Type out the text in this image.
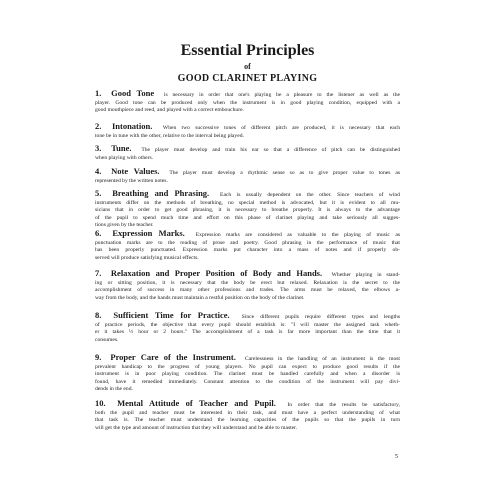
Essential Principles
of
GOOD CLARINET PLAYING
1. Good Tone is necessary in order that one's playing be a pleasure to the listener as well as the
player. Good tone can be produced only when the instrument is in good playing condition, equipped with a
good mouthpiece and reed, and played with a correct embouchure.
2. Intonation. When two successive tones of different pitch are produced, it is necessary that each
tone be in tune with the other, relative to the interval being played.
3. Tune. The player must develop and train his ear so that a difference of pitch can be distinguished
when playing with others.
4. Note Values. The player must develop a rhythmic sense so as to give proper value to tones as
represented by the written notes.
5. Breathing and Phrasing. Each is usually dependent on the other. Since teachers of wind
instruments differ on the methods of breathing, no special method is advocated, but it is evident to all mu-
sicians that in order to get good phrasing, it is necessary to breathe properly. It is always to the advantage
of the pupil to spend much time and effort on this phase of clarinet playing and take seriously all sugges-
tions given by the teacher.
6. Expression Marks. Expression marks are considered as valuable to the playing of music as
punctuation marks are to the reading of prose and poetry. Good phrasing in the performance of music that
has been properly punctuated. Expression marks put character into a mass of notes and if properly ob-
served will produce satisfying musical effects.
7. Relaxation and Proper Position of Body and Hands. Whether playing in stand-
ing or sitting position, it is necessary that the body be erect but relaxed. Relaxation is the secret to the
accomplishment of success in many other professions and trades. The arms must be relaxed, the elbows a-
way from the body, and the hands must maintain a restful position on the body of the clarinet.
8. Sufficient Time for Practice. Since different pupils require different types and lengths
of practice periods, the objective that every pupil should establish is: "I will master the assigned task wheth-
er it takes ½ hour or 2 hours." The accomplishment of a task is far more important than the time that it
consumes.
9. Proper Care of the Instrument. Carelessness in the handling of an instrument is the most
prevalent handicap to the progress of young players. No pupil can expect to produce good results if the
instrument is in poor playing condition. The clarinet must be handled carefully and when a disorder is
found, have it remedied immediately. Constant attention to the condition of the instrument will pay divi-
dends in the end.
10. Mental Attitude of Teacher and Pupil. In order that the results be satisfactory,
both the pupil and teacher must be interested in their task, and must have a perfect understanding of what
that task is. The teacher must understand the learning capacities of the pupils so that the pupils in turn
will get the type and amount of instruction that they will understand and be able to master.
5
